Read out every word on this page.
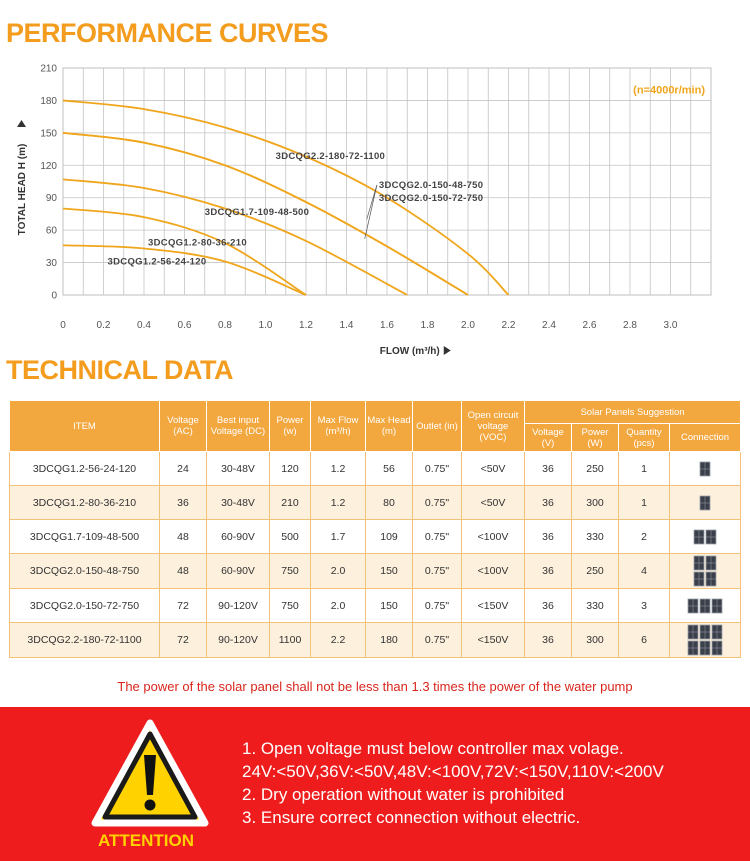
PERFORMANCE CURVES
0
30
60
90
120
150
180
210
0	0.2	0.4	0.6	0.8	1.0	1.2	1.4	1.6	1.8	2.0	2.2	2.4	2.6	2.8	3.0
FLOW (m³/h)
TOTAL HEAD H (m)
(n=4000r/min)
3DCQG2.2-180-72-1100
3DCQG2.0-150-48-750
3DCQG2.0-150-72-750
3DCQG1.7-109-48-500
3DCQG1.2-80-36-210
3DCQG1.2-56-24-120
TECHNICAL DATA
ITEM	Voltage (AC)	Best input Voltage (DC)	Power (w)	Max Flow (m³/h)	Max Head (m)	Outlet (in)	Open circuit voltage (VOC)	Solar Panels Suggestion			
								Voltage (V)	Power (W)	Quantity (pcs)	Connection
3DCQG1.2-56-24-120	24	30-48V	120	1.2	56	0.75"	<50V	36	250	1	

3DCQG1.2-80-36-210	36	30-48V	210	1.2	80	0.75"	<50V	36	300	1	

3DCQG1.7-109-48-500	48	60-90V	500	1.7	109	0.75"	<100V	36	330	2	

3DCQG2.0-150-48-750	48	60-90V	750	2.0	150	0.75"	<100V	36	250	4	

3DCQG2.0-150-72-750	72	90-120V	750	2.0	150	0.75"	<150V	36	330	3	

3DCQG2.2-180-72-1100	72	90-120V	1100	2.2	180	0.75"	<150V	36	300	6	
The power of the solar panel shall not be less than 1.3 times the power of the water pump
ATTENTION
1. Open voltage must below controller max volage.
24V:<50V,36V:<50V,48V:<100V,72V:<150V,110V:<200V
2. Dry operation without water is prohibited
3. Ensure correct connection without electric.
